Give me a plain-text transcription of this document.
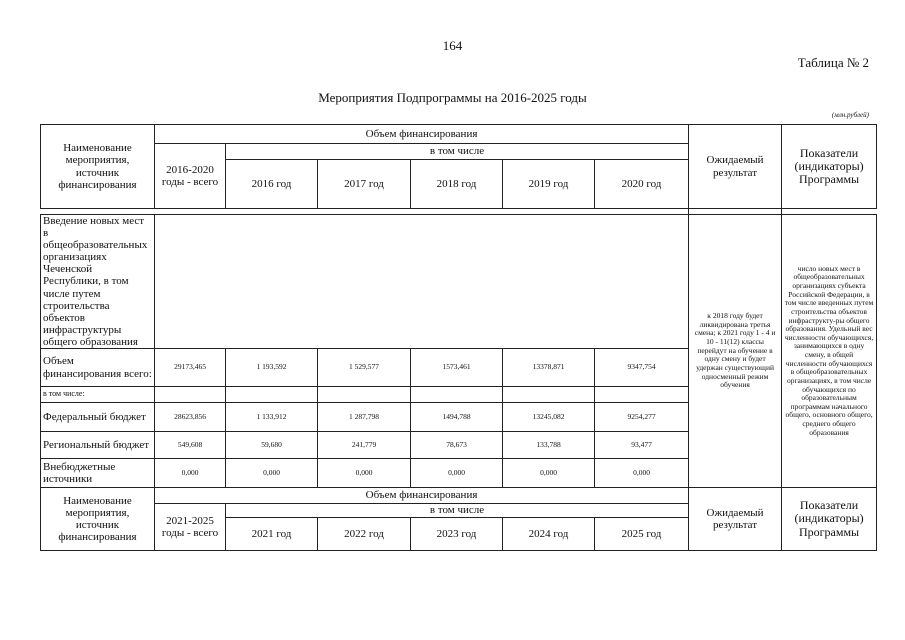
164
Таблица № 2
Мероприятия Подпрограммы на 2016-2025 годы
(млн.рублей)
Наименование мероприятия, источник финансирования	Объем финансирования						Ожидаемый результат	Показатели (индикаторы) Программы
	2016-2020 годы - всего	в том числе						
		2016 год	2017 год	2018 год	2019 год	2020 год		

Введение новых мест в общеобразовательных организациях Чеченской Республики, в том числе путем строительства объектов инфраструктуры общего образования							к 2018 году будет ликвидирована третья смена; к 2021 году 1 - 4 и 10 - 11(12) классы перейдут на обучение в одну смену и будет удержан существующий односменный режим обучения	число новых мест в общеобразовательных организациях субъекта Российской Федерации, в том числе введенных путем строительства объектов инфраструкту-ры общего образования. Удельный вес численности обучающихся, занимающихся в одну смену, в общей численности обучающихся в общеобразовательных организациях, в том числе обучающихся по образовательным программам начального общего, основного общего, среднего общего образования
Объем финансирования всего:	29173,465	1 193,592	1 529,577	1573,461	13378,871	9347,754		
в том числе:								
Федеральный бюджет	28623,856	1 133,912	1 287,798	1494,788	13245,082	9254,277		
Региональный бюджет	549,608	59,680	241,779	78,673	133,788	93,477		
Внебюджетные источники	0,000	0,000	0,000	0,000	0,000	0,000		
Наименование мероприятия, источник финансирования	Объем финансирования						Ожидаемый результат	Показатели (индикаторы) Программы
	2021-2025 годы - всего	в том числе						
		2021 год	2022 год	2023 год	2024 год	2025 год		
